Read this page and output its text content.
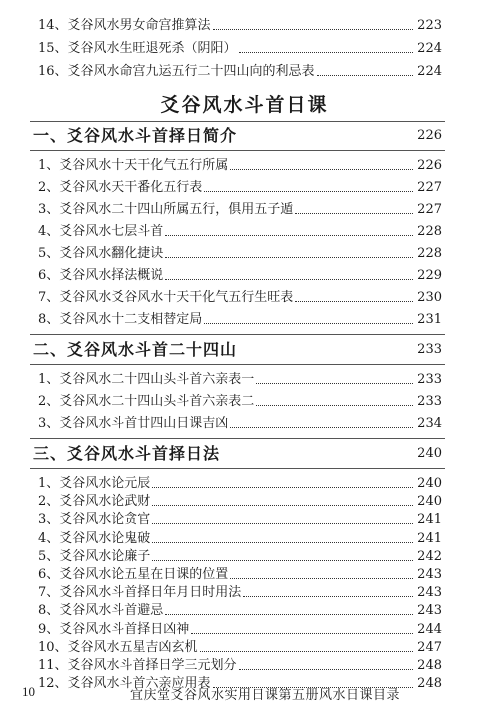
14、爻谷风水男女命宫推算法	223
15、爻谷风水生旺退死杀（阴阳）	224
16、爻谷风水命宫九运五行二十四山向的利忌表	224
爻谷风水斗首日课
一、爻谷风水斗首择日简介	226
1、爻谷风水十天干化气五行所属	226
2、爻谷风水天干番化五行表	227
3、爻谷风水二十四山所属五行，俱用五子遁	227
4、爻谷风水七层斗首	228
5、爻谷风水翻化捷诀	228
6、爻谷风水择法概说	229
7、爻谷风水爻谷风水十天干化气五行生旺表	230
8、爻谷风水十二支相替定局	231
二、爻谷风水斗首二十四山	233
1、爻谷风水二十四山头斗首六亲表一	233
2、爻谷风水二十四山头斗首六亲表二	233
3、爻谷风水斗首廿四山日课吉凶	234
三、爻谷风水斗首择日法	240
1、爻谷风水论元辰	240
2、爻谷风水论武财	240
3、爻谷风水论贪官	241
4、爻谷风水论鬼破	241
5、爻谷风水论廉子	242
6、爻谷风水论五星在日课的位置	243
7、爻谷风水斗首择日年月日时用法	243
8、爻谷风水斗首避忌	243
9、爻谷风水斗首择日凶神	244
10、爻谷风水五星吉凶玄机	247
11、爻谷风水斗首择日学三元划分	248
12、爻谷风水斗首六亲应用表	248
10	宜庆堂爻谷风水实用日课第五册风水日课目录
